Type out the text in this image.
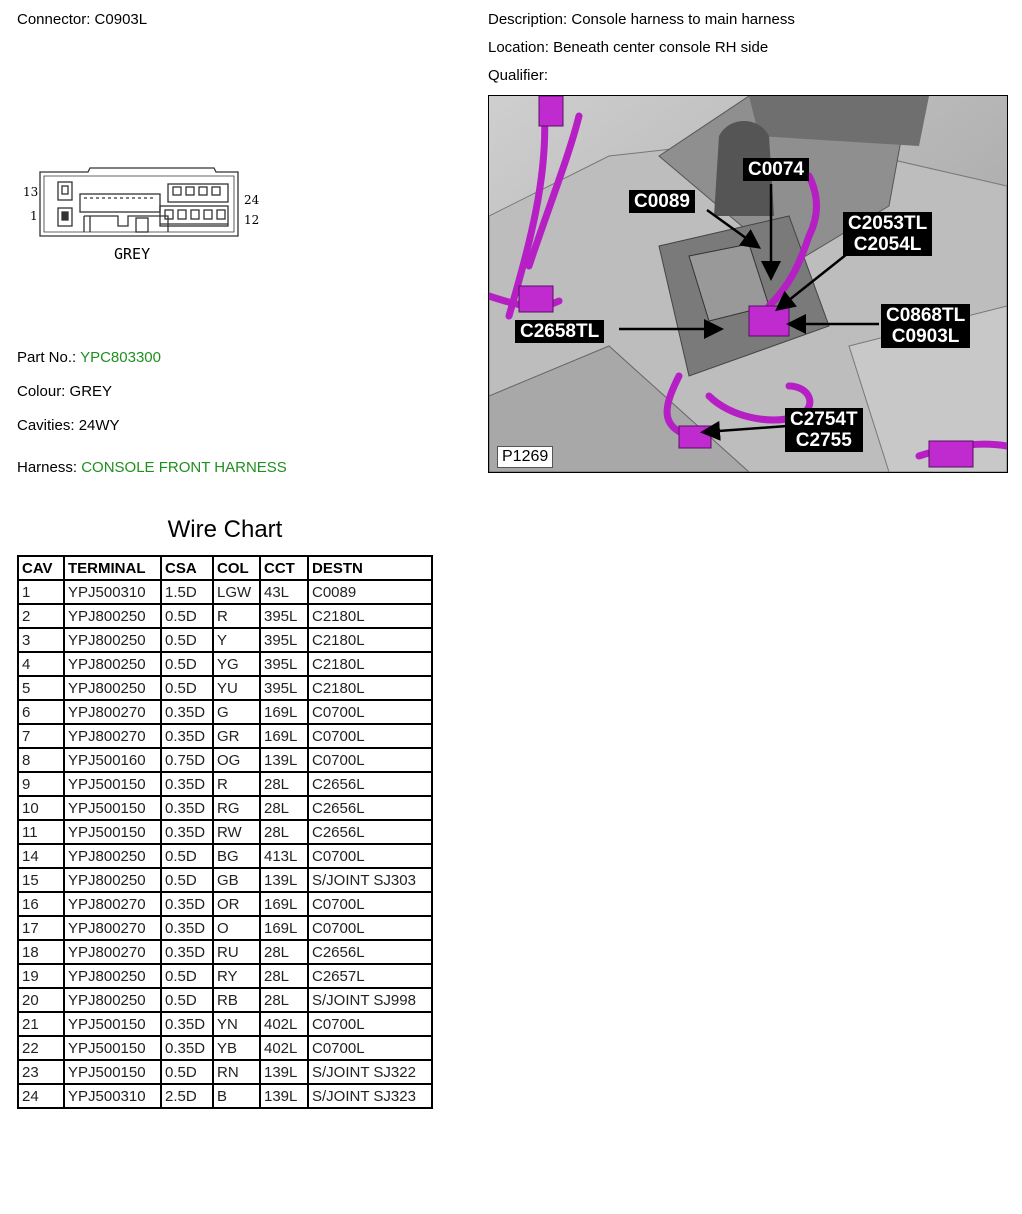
Connector: C0903L	Description: Console harness to main harness
Location: Beneath center console RH side
Qualifier:
13
1
24
12
GREY
Part No.: YPC803300
Colour: GREY
Cavities: 24WY
Harness: CONSOLE FRONT HARNESS
C0074
C0089
C2053TL
C2054L
C0868TL
C0903L
C2658TL
C2754T
C2755
P1269
Wire Chart
CAV	TERMINAL	CSA	COL	CCT	DESTN
1	YPJ500310	1.5D	LGW	43L	C0089
2	YPJ800250	0.5D	R	395L	C2180L
3	YPJ800250	0.5D	Y	395L	C2180L
4	YPJ800250	0.5D	YG	395L	C2180L
5	YPJ800250	0.5D	YU	395L	C2180L
6	YPJ800270	0.35D	G	169L	C0700L
7	YPJ800270	0.35D	GR	169L	C0700L
8	YPJ500160	0.75D	OG	139L	C0700L
9	YPJ500150	0.35D	R	28L	C2656L
10	YPJ500150	0.35D	RG	28L	C2656L
11	YPJ500150	0.35D	RW	28L	C2656L
14	YPJ800250	0.5D	BG	413L	C0700L
15	YPJ800250	0.5D	GB	139L	S/JOINT SJ303
16	YPJ800270	0.35D	OR	169L	C0700L
17	YPJ800270	0.35D	O	169L	C0700L
18	YPJ800270	0.35D	RU	28L	C2656L
19	YPJ800250	0.5D	RY	28L	C2657L
20	YPJ800250	0.5D	RB	28L	S/JOINT SJ998
21	YPJ500150	0.35D	YN	402L	C0700L
22	YPJ500150	0.35D	YB	402L	C0700L
23	YPJ500150	0.5D	RN	139L	S/JOINT SJ322
24	YPJ500310	2.5D	B	139L	S/JOINT SJ323
